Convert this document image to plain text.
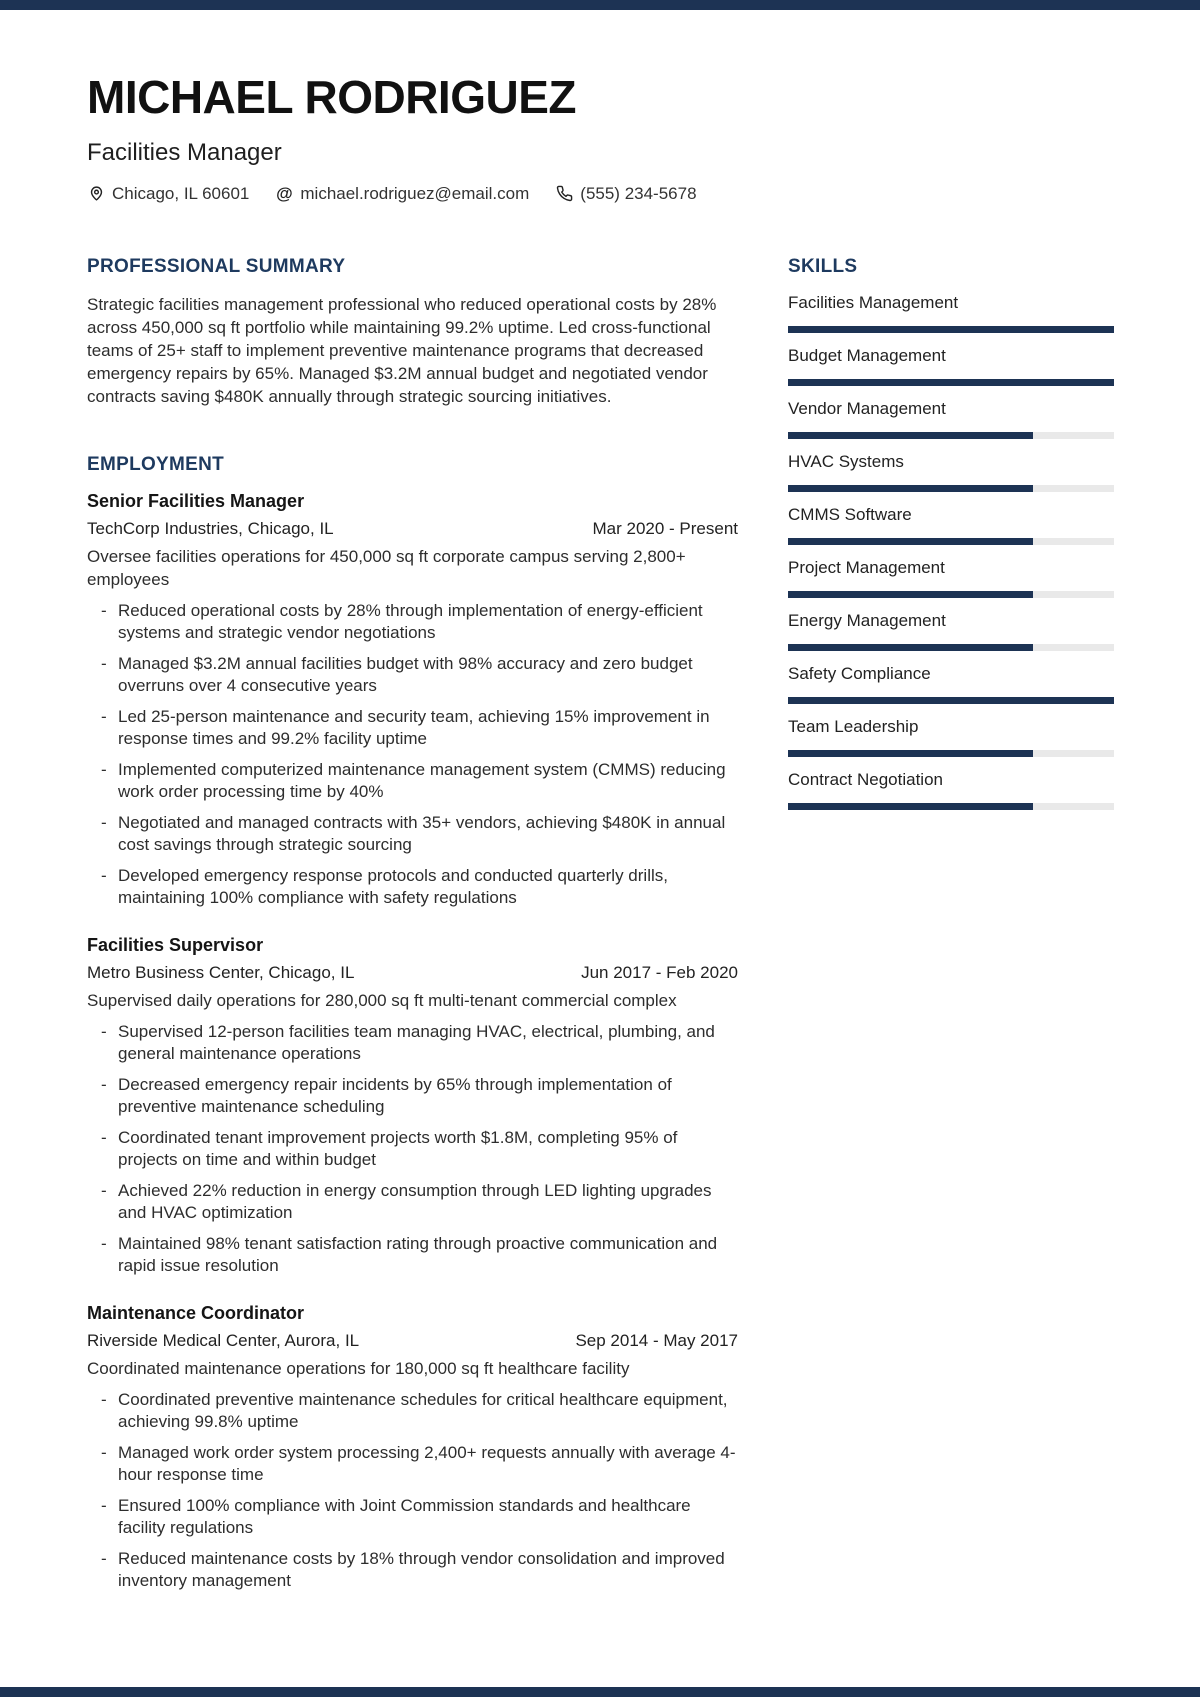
MICHAEL RODRIGUEZ
Facilities Manager
Chicago, IL 60601 @ michael.rodriguez@email.com	(555) 234-5678
PROFESSIONAL SUMMARY

Strategic facilities management professional who reduced operational costs by 28% across 450,000 sq ft portfolio while maintaining 99.2% uptime. Led cross-functional teams of 25+ staff to implement preventive maintenance programs that decreased emergency repairs by 65%. Managed $3.2M annual budget and negotiated vendor contracts saving $480K annually through strategic sourcing initiatives.

EMPLOYMENT
Senior Facilities Manager
TechCorp Industries, Chicago, IL	Mar 2020 - Present
Oversee facilities operations for 450,000 sq ft corporate campus serving 2,800+ employees
- Reduced operational costs by 28% through implementation of energy-efficient systems and strategic vendor negotiations
- Managed $3.2M annual facilities budget with 98% accuracy and zero budget overruns over 4 consecutive years
- Led 25-person maintenance and security team, achieving 15% improvement in response times and 99.2% facility uptime
- Implemented computerized maintenance management system (CMMS) reducing work order processing time by 40%
- Negotiated and managed contracts with 35+ vendors, achieving $480K in annual cost savings through strategic sourcing
- Developed emergency response protocols and conducted quarterly drills, maintaining 100% compliance with safety regulations
Facilities Supervisor
Metro Business Center, Chicago, IL	Jun 2017 - Feb 2020
Supervised daily operations for 280,000 sq ft multi-tenant commercial complex
- Supervised 12-person facilities team managing HVAC, electrical, plumbing, and general maintenance operations
- Decreased emergency repair incidents by 65% through implementation of preventive maintenance scheduling
- Coordinated tenant improvement projects worth $1.8M, completing 95% of projects on time and within budget
- Achieved 22% reduction in energy consumption through LED lighting upgrades and HVAC optimization
- Maintained 98% tenant satisfaction rating through proactive communication and rapid issue resolution
Maintenance Coordinator
Riverside Medical Center, Aurora, IL	Sep 2014 - May 2017
Coordinated maintenance operations for 180,000 sq ft healthcare facility
- Coordinated preventive maintenance schedules for critical healthcare equipment, achieving 99.8% uptime
- Managed work order system processing 2,400+ requests annually with average 4-hour response time
- Ensured 100% compliance with Joint Commission standards and healthcare facility regulations
- Reduced maintenance costs by 18% through vendor consolidation and improved inventory management
SKILLS
Facilities Management
Budget Management
Vendor Management
HVAC Systems
CMMS Software
Project Management
Energy Management
Safety Compliance
Team Leadership
Contract Negotiation
